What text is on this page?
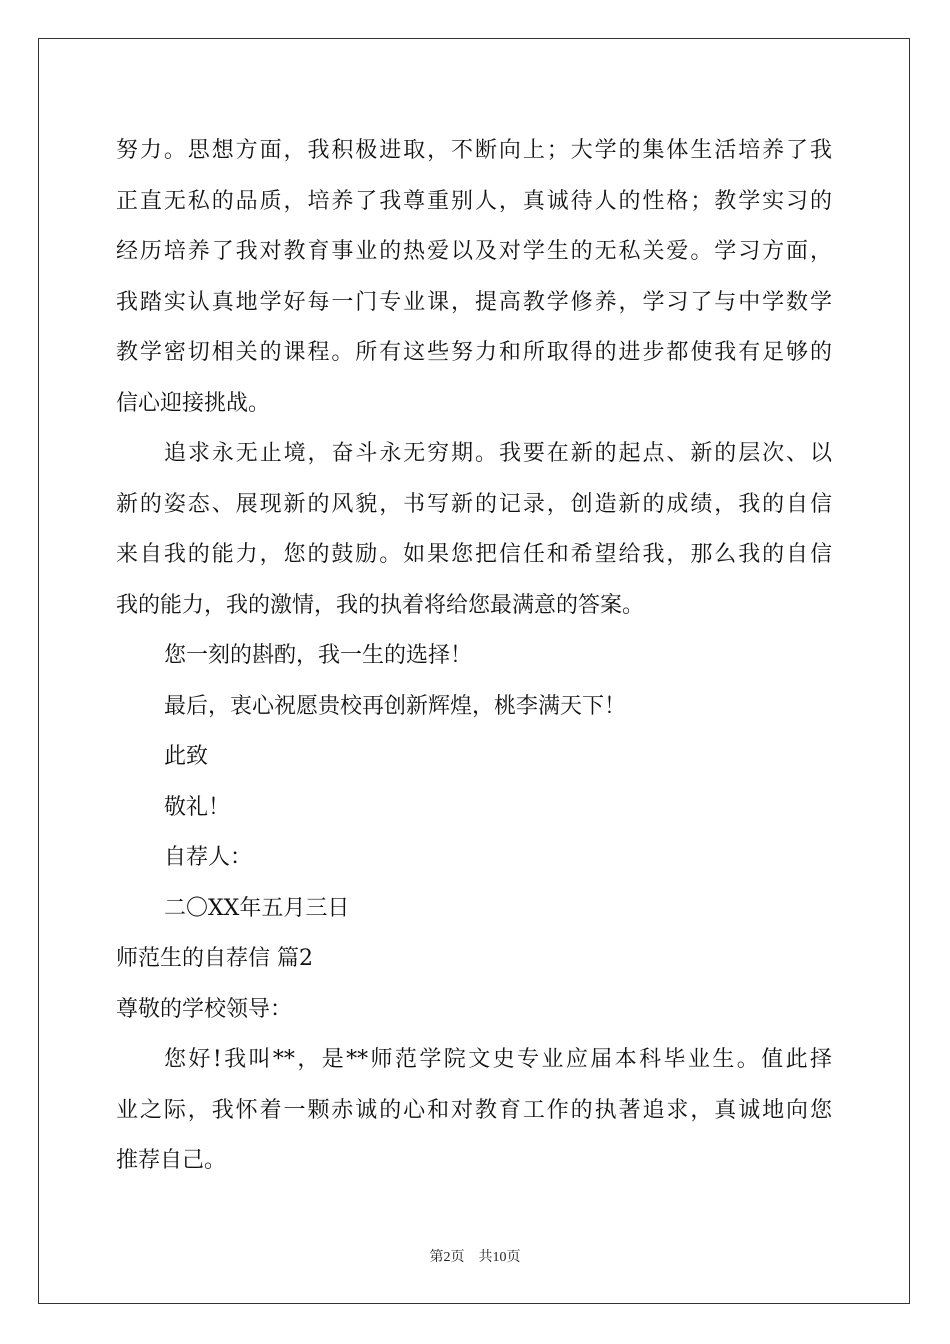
努力。思想方面，我积极进取，不断向上；大学的集体生活培养了我
正直无私的品质，培养了我尊重别人，真诚待人的性格；教学实习的
经历培养了我对教育事业的热爱以及对学生的无私关爱。学习方面，
我踏实认真地学好每一门专业课，提高教学修养，学习了与中学数学
教学密切相关的课程。所有这些努力和所取得的进步都使我有足够的
信心迎接挑战。
追求永无止境，奋斗永无穷期。我要在新的起点、新的层次、以
新的姿态、展现新的风貌，书写新的记录，创造新的成绩，我的自信
来自我的能力，您的鼓励。如果您把信任和希望给我，那么我的自信
我的能力，我的激情，我的执着将给您最满意的答案。
您一刻的斟酌，我一生的选择！
最后，衷心祝愿贵校再创新辉煌，桃李满天下！
此致
敬礼！
自荐人：
二〇XX年五月三日
师范生的自荐信 篇2
尊敬的学校领导：
您好!我叫**，是**师范学院文史专业应届本科毕业生。值此择
业之际，我怀着一颗赤诚的心和对教育工作的执著追求，真诚地向您
推荐自己。
第2页 共10页
